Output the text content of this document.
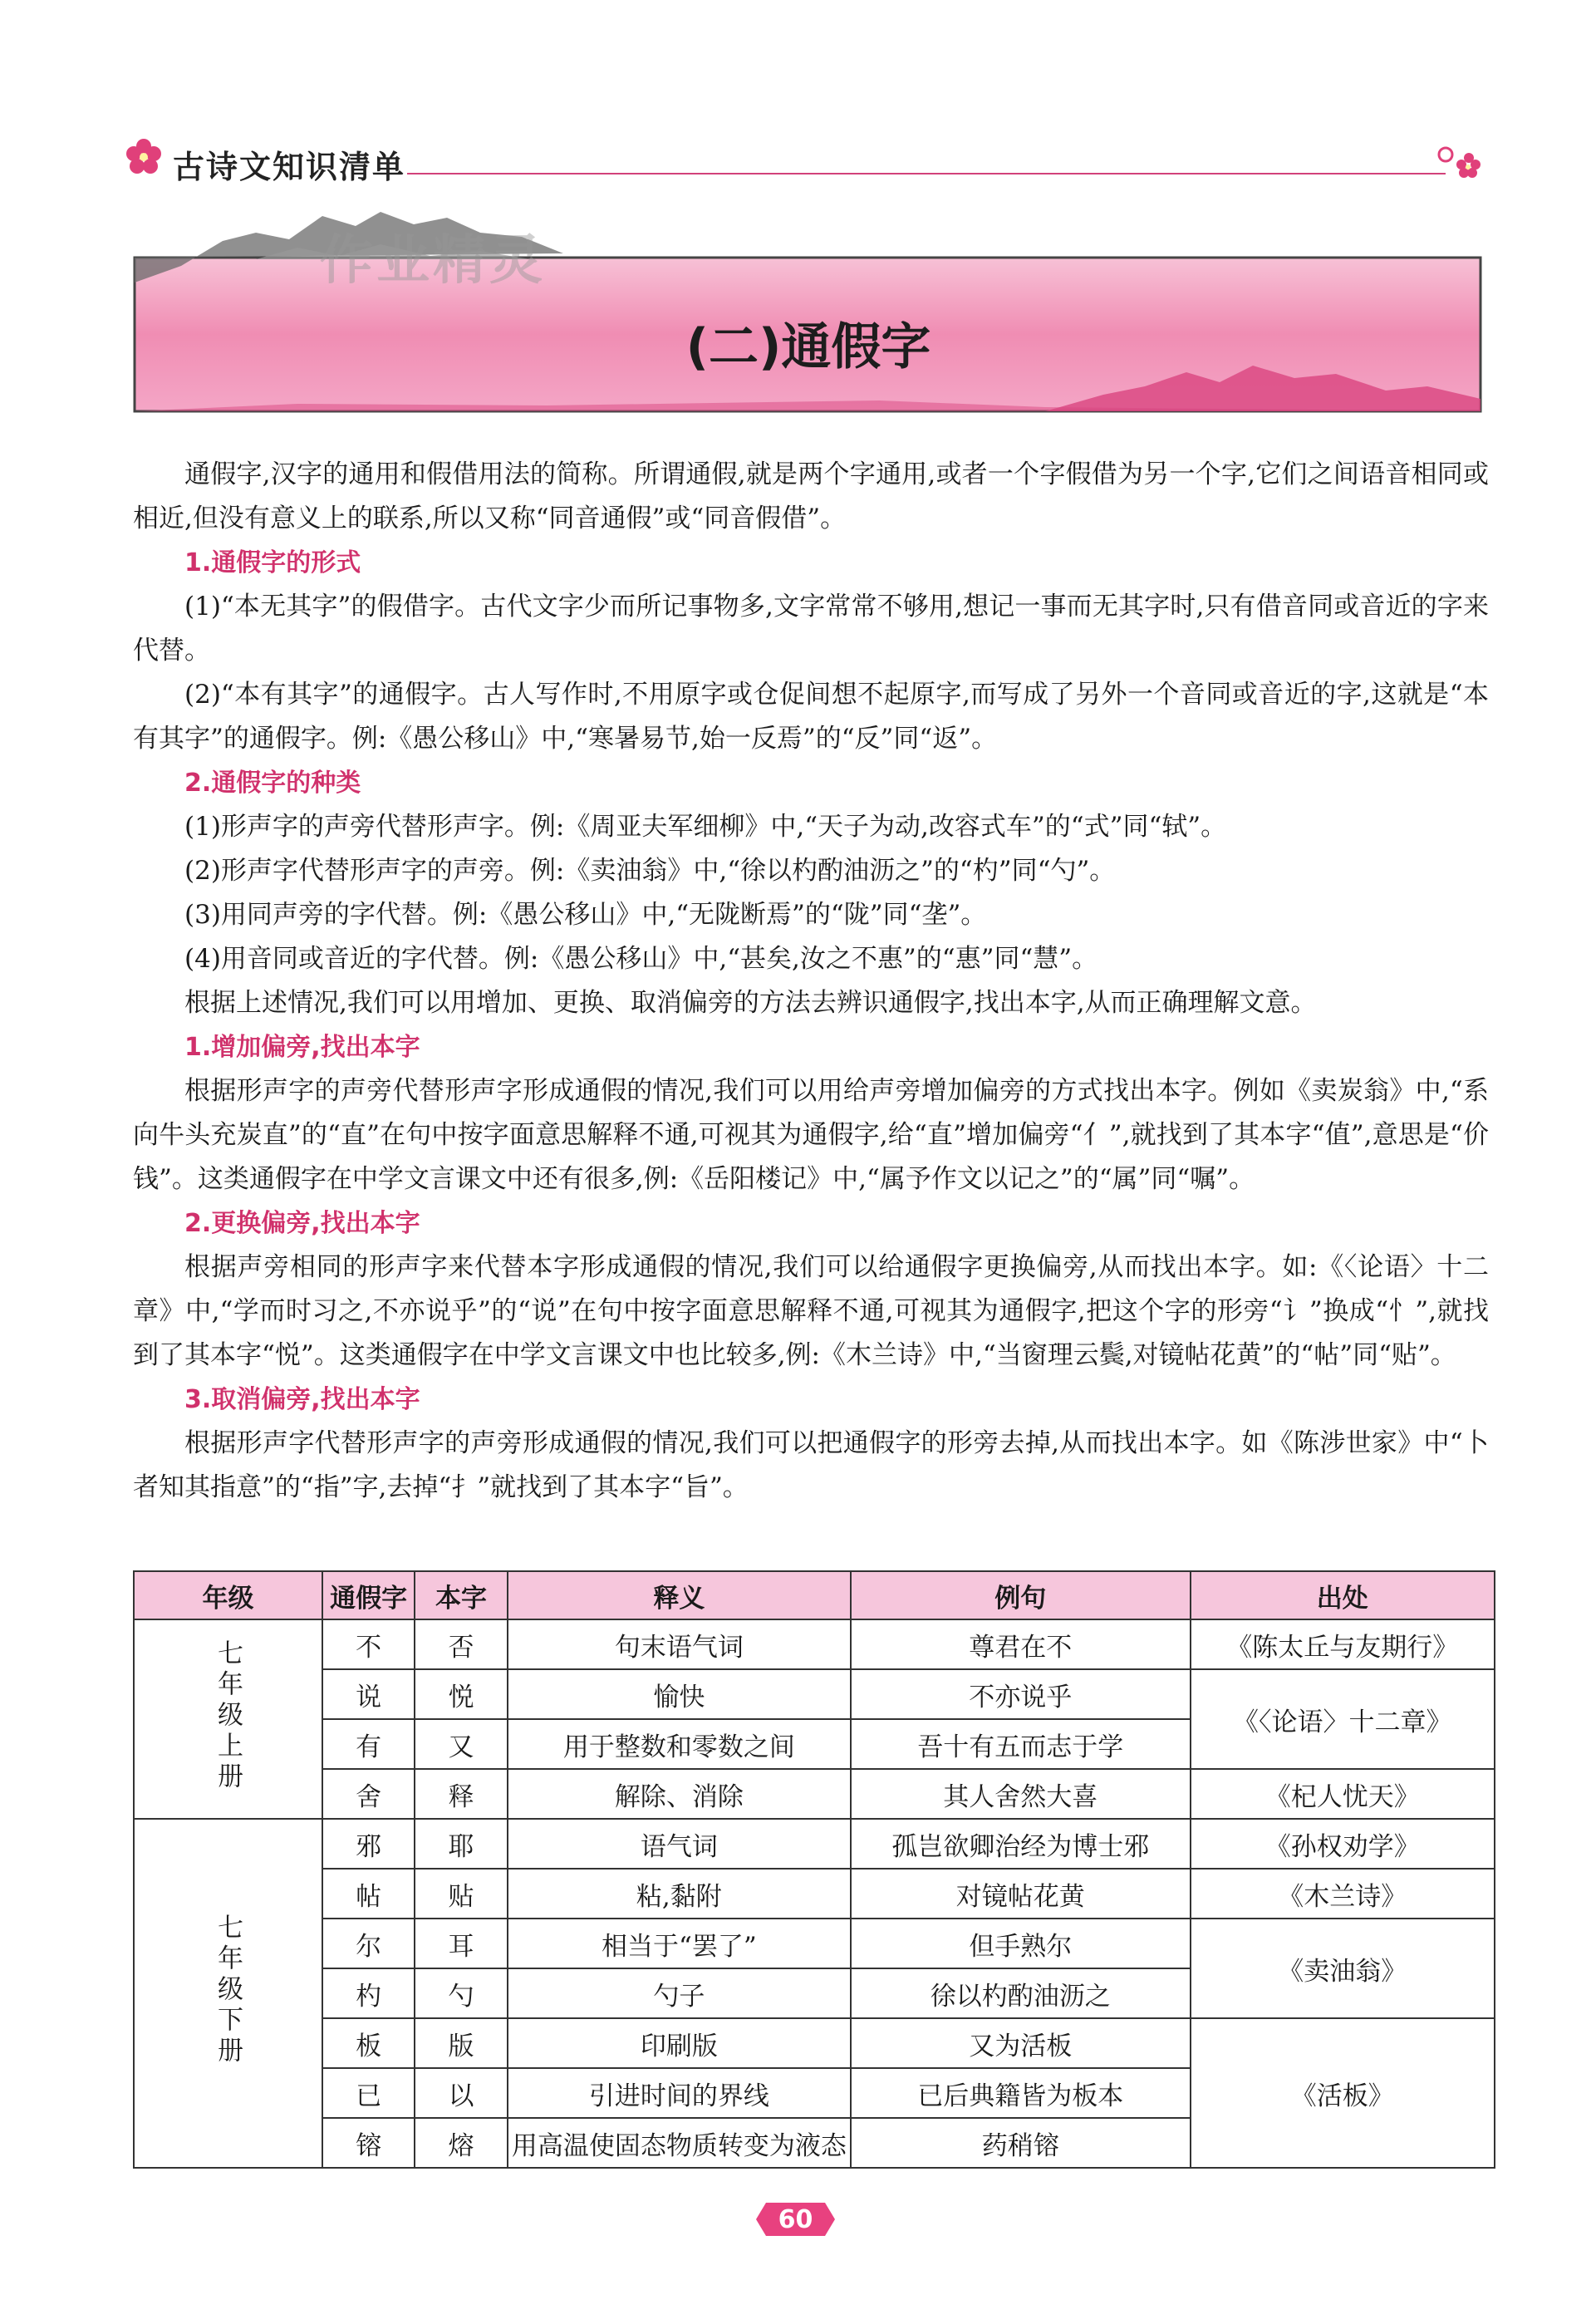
古诗文知识清单
(二)通假字
作业精灵

通假字,汉字的通用和假借用法的简称。所谓通假,就是两个字通用,或者一个字假借为另一个字,它们之间语音相同或相近,但没有意义上的联系,所以又称“同音通假”或“同音假借”。

1.通假字的形式

(1)“本无其字”的假借字。古代文字少而所记事物多,文字常常不够用,想记一事而无其字时,只有借音同或音近的字来代替。

(2)“本有其字”的通假字。古人写作时,不用原字或仓促间想不起原字,而写成了另外一个音同或音近的字,这就是“本有其字”的通假字。例:《愚公移山》中,“寒暑易节,始一反焉”的“反”同“返”。

2.通假字的种类

(1)形声字的声旁代替形声字。例:《周亚夫军细柳》中,“天子为动,改容式车”的“式”同“轼”。

(2)形声字代替形声字的声旁。例:《卖油翁》中,“徐以杓酌油沥之”的“杓”同“勺”。

(3)用同声旁的字代替。例:《愚公移山》中,“无陇断焉”的“陇”同“垄”。

(4)用音同或音近的字代替。例:《愚公移山》中,“甚矣,汝之不惠”的“惠”同“慧”。

根据上述情况,我们可以用增加、更换、取消偏旁的方法去辨识通假字,找出本字,从而正确理解文意。

1.增加偏旁,找出本字

根据形声字的声旁代替形声字形成通假的情况,我们可以用给声旁增加偏旁的方式找出本字。例如《卖炭翁》中,“系向牛头充炭直”的“直”在句中按字面意思解释不通,可视其为通假字,给“直”增加偏旁“亻”,就找到了其本字“值”,意思是“价钱”。这类通假字在中学文言课文中还有很多,例:《岳阳楼记》中,“属予作文以记之”的“属”同“嘱”。

2.更换偏旁,找出本字

根据声旁相同的形声字来代替本字形成通假的情况,我们可以给通假字更换偏旁,从而找出本字。如:《〈论语〉十二章》中,“学而时习之,不亦说乎”的“说”在句中按字面意思解释不通,可视其为通假字,把这个字的形旁“讠”换成“忄”,就找到了其本字“悦”。这类通假字在中学文言课文中也比较多,例:《木兰诗》中,“当窗理云鬓,对镜帖花黄”的“帖”同“贴”。

3.取消偏旁,找出本字

根据形声字代替形声字的声旁形成通假的情况,我们可以把通假字的形旁去掉,从而找出本字。如《陈涉世家》中“卜者知其指意”的“指”字,去掉“扌”就找到了其本字“旨”。

年级	通假字	本字	释义	例句	出处
七年级上册	不	否	句末语气词	尊君在不	《陈太丘与友期行》
	说	悦	愉快	不亦说乎	《〈论语〉十二章》
	有	又	用于整数和零数之间	吾十有五而志于学	
	舍	释	解除、消除	其人舍然大喜	《杞人忧天》
七年级下册	邪	耶	语气词	孤岂欲卿治经为博士邪	《孙权劝学》
	帖	贴	粘,黏附	对镜帖花黄	《木兰诗》
	尔	耳	相当于“罢了”	但手熟尔	《卖油翁》
	杓	勺	勺子	徐以杓酌油沥之	
	板	版	印刷版	又为活板	《活板》
	已	以	引进时间的界线	已后典籍皆为板本	
	镕	熔	用高温使固态物质转变为液态	药稍镕	
60
